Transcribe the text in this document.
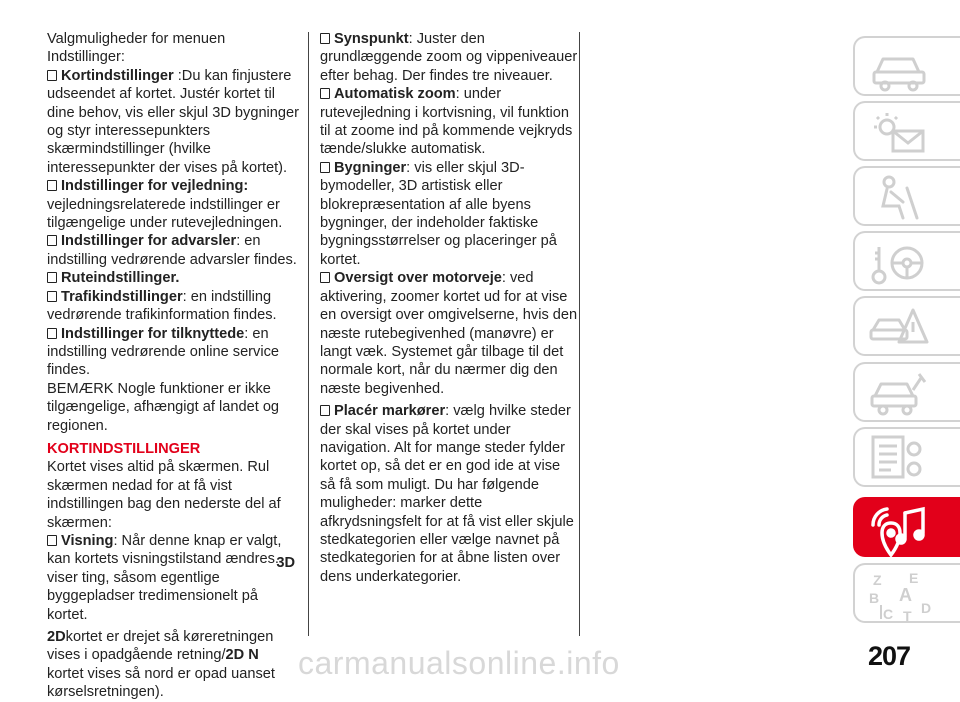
Valgmuligheder for menuen Indstillinger:

Kortindstillinger :Du kan finjustere udseendet af kortet. Justér kortet til dine behov, vis eller skjul 3D bygninger og styr interessepunkters skærmindstillinger (hvilke interessepunkter der vises på kortet).

Indstillinger for vejledning: vejledningsrelaterede indstillinger er tilgængelige under rutevejledningen.

Indstillinger for advarsler: en indstilling vedrørende advarsler findes.

Ruteindstillinger.

Trafikindstillinger: en indstilling vedrørende trafikinformation findes.

Indstillinger for tilknyttede: en indstilling vedrørende online service findes.

BEMÆRK Nogle funktioner er ikke tilgængelige, afhængigt af landet og regionen.

KORTINDSTILLINGER

Kortet vises altid på skærmen. Rul skærmen nedad for at få vist indstillingen bag den nederste del af skærmen:

Visning: Når denne knap er valgt, kan kortets visningstilstand ændres.
3D

viser ting, såsom egentlige byggepladser tredimensionelt på kortet.

2Dkortet er drejet så køreretningen vises i opadgående retning/2D N

kortet vises så nord er opad uanset kørselsretningen).

Synspunkt: Juster den grundlæggende zoom og vippeniveauer efter behag. Der findes tre niveauer.

Automatisk zoom: under rutevejledning i kortvisning, vil funktion til at zoome ind på kommende vejkryds tænde/slukke automatisk.

Bygninger: vis eller skjul 3D-bymodeller, 3D artistisk eller blokrepræsentation af alle byens bygninger, der indeholder faktiske bygningsstørrelser og placeringer på kortet.

Oversigt over motorveje: ved aktivering, zoomer kortet ud for at vise en oversigt over omgivelserne, hvis den næste rutebegivenhed (manøvre) er langt væk. Systemet går tilbage til det normale kort, når du nærmer dig den næste begivenhed.

Placér markører: vælg hvilke steder der skal vises på kortet under navigation. Alt for mange steder fylder kortet op, så det er en god ide at vise så få som muligt. Du har følgende muligheder: marker dette afkrydsningsfelt for at få vist eller skjule stedkategorien eller vælge navnet på stedkategorien for at åbne listen over dens underkategorier.	Z E
B A
C D
T
carmanualsonline.info	207
